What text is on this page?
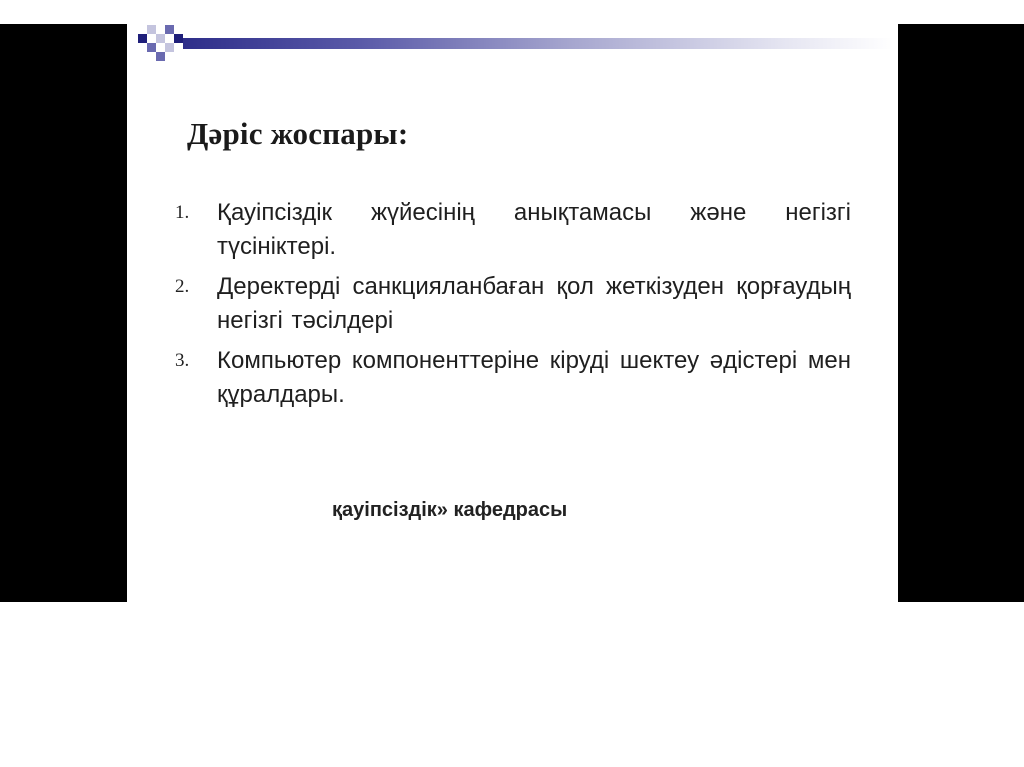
Дәріс жоспары:
1.	Қауіпсіздік жүйесінің анықтамасы және негізгі түсініктері.
2.	Деректерді санкцияланбаған қол жеткізуден қорғаудың негізгі тәсілдері
3.	Компьютер компоненттеріне кіруді шектеу әдістері мен құралдары.

қауіпсіздік» кафедрасы
